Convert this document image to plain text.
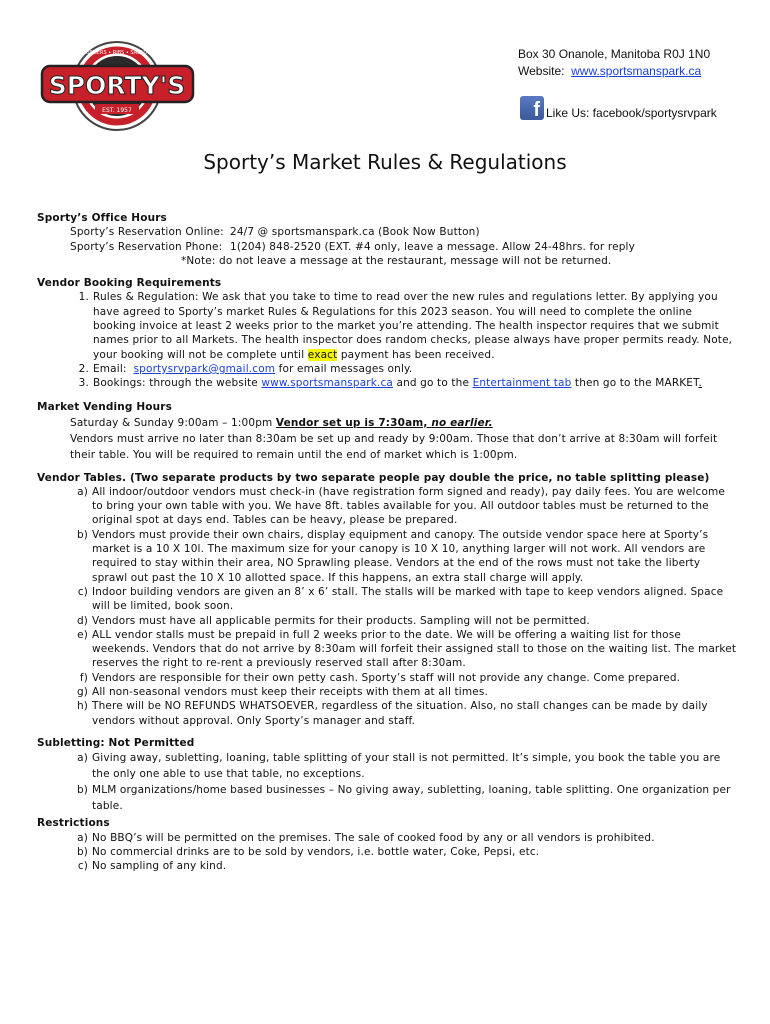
SPORTY'S
EST. 1957
PIZZA • BURGERS • RIBS • SALADS & MORE	Box 30 Onanole, Manitoba R0J 1N0
Website: www.sportsmanspark.ca
f Like Us: facebook/sportysrvpark
Sporty’s Market Rules & Regulations

Sporty’s Office Hours

Sporty’s Reservation Online: 24/7 @ sportsmanspark.ca (Book Now Button)
Sporty’s Reservation Phone: 1(204) 848-2520 (EXT. #4 only, leave a message. Allow 24-48hrs. for reply
*Note: do not leave a message at the restaurant, message will not be returned.

Vendor Booking Requirements

1. Rules & Regulation: We ask that you take to time to read over the new rules and regulations letter. By applying you have agreed to Sporty’s market Rules & Regulations for this 2023 season. You will need to complete the online booking invoice at least 2 weeks prior to the market you’re attending. The health inspector requires that we submit names prior to all Markets. The health inspector does random checks, please always have proper permits ready. Note, your booking will not be complete until exact payment has been received.
2. Email: sportysrvpark@gmail.com for email messages only.
3. Bookings: through the website www.sportsmanspark.ca and go to the Entertainment tab then go to the MARKET.

Market Vending Hours

Saturday & Sunday 9:00am – 1:00pm Vendor set up is 7:30am, no earlier.
Vendors must arrive no later than 8:30am be set up and ready by 9:00am. Those that don’t arrive at 8:30am will forfeit their table. You will be required to remain until the end of market which is 1:00pm.

Vendor Tables. (Two separate products by two separate people pay double the price, no table splitting please)

a) All indoor/outdoor vendors must check-in (have registration form signed and ready), pay daily fees. You are welcome to bring your own table with you. We have 8ft. tables available for you. All outdoor tables must be returned to the original spot at days end. Tables can be heavy, please be prepared.
b) Vendors must provide their own chairs, display equipment and canopy. The outside vendor space here at Sporty’s market is a 10 X 10l. The maximum size for your canopy is 10 X 10, anything larger will not work. All vendors are required to stay within their area, NO Sprawling please. Vendors at the end of the rows must not take the liberty sprawl out past the 10 X 10 allotted space. If this happens, an extra stall charge will apply.
c) Indoor building vendors are given an 8’ x 6’ stall. The stalls will be marked with tape to keep vendors aligned. Space will be limited, book soon.
d) Vendors must have all applicable permits for their products. Sampling will not be permitted.
e) ALL vendor stalls must be prepaid in full 2 weeks prior to the date. We will be offering a waiting list for those weekends. Vendors that do not arrive by 8:30am will forfeit their assigned stall to those on the waiting list. The market reserves the right to re-rent a previously reserved stall after 8:30am.
f) Vendors are responsible for their own petty cash. Sporty’s staff will not provide any change. Come prepared.
g) All non-seasonal vendors must keep their receipts with them at all times.
h) There will be NO REFUNDS WHATSOEVER, regardless of the situation. Also, no stall changes can be made by daily vendors without approval. Only Sporty’s manager and staff.

Subletting: Not Permitted

a) Giving away, subletting, loaning, table splitting of your stall is not permitted. It’s simple, you book the table you are the only one able to use that table, no exceptions.
b) MLM organizations/home based businesses – No giving away, subletting, loaning, table splitting. One organization per table.

Restrictions

a) No BBQ’s will be permitted on the premises. The sale of cooked food by any or all vendors is prohibited.
b) No commercial drinks are to be sold by vendors, i.e. bottle water, Coke, Pepsi, etc.
c) No sampling of any kind.
